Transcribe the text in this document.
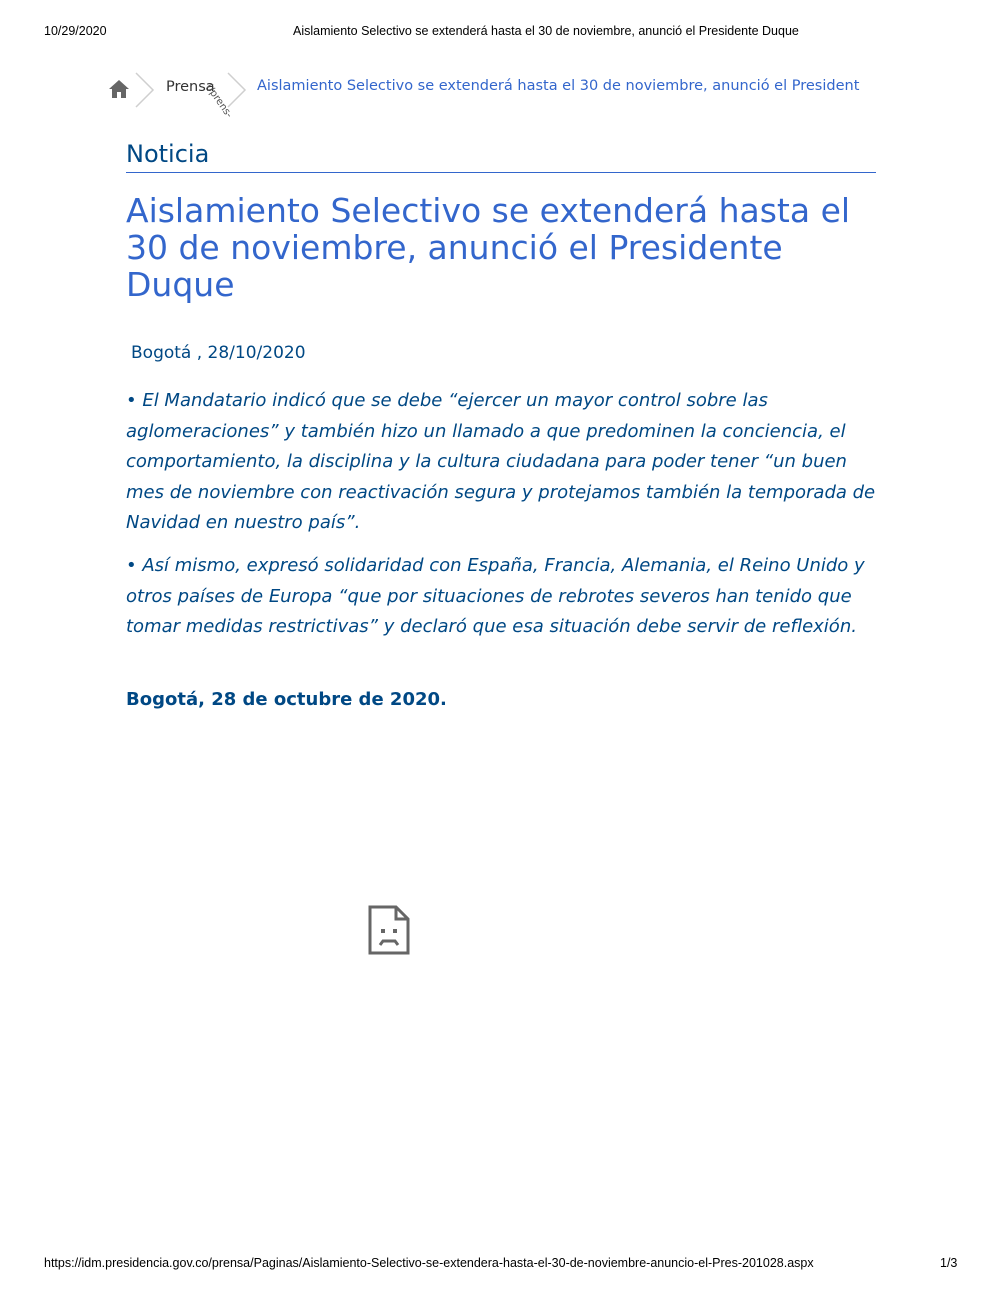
10/29/2020	Aislamiento Selectivo se extenderá hasta el 30 de noviembre, anunció el Presidente Duque
Prensa
(/prens- Aislamiento Selectivo se extenderá hasta el 30 de noviembre, anunció el President
Noticia
Aislamiento Selectivo se extenderá hasta el 30 de noviembre, anunció el Presidente Duque
Bogotá , 28/10/2020

• El Mandatario indicó que se debe “ejercer un mayor control sobre las aglomeraciones” y también hizo un llamado a que predominen la conciencia, el comportamiento, la disciplina y la cultura ciudadana para poder tener “un buen mes de noviembre con reactivación segura y protejamos también la temporada de Navidad en nuestro país”.

• Así mismo, expresó solidaridad con España, Francia, Alemania, el Reino Unido y otros países de Europa “que por situaciones de rebrotes severos han tenido que tomar medidas restrictivas” y declaró que esa situación debe servir de reflexión.

Bogotá, 28 de octubre de 2020.
https://idm.presidencia.gov.co/prensa/Paginas/Aislamiento-Selectivo-se-extendera-hasta-el-30-de-noviembre-anuncio-el-Pres-201028.aspx	1/3
